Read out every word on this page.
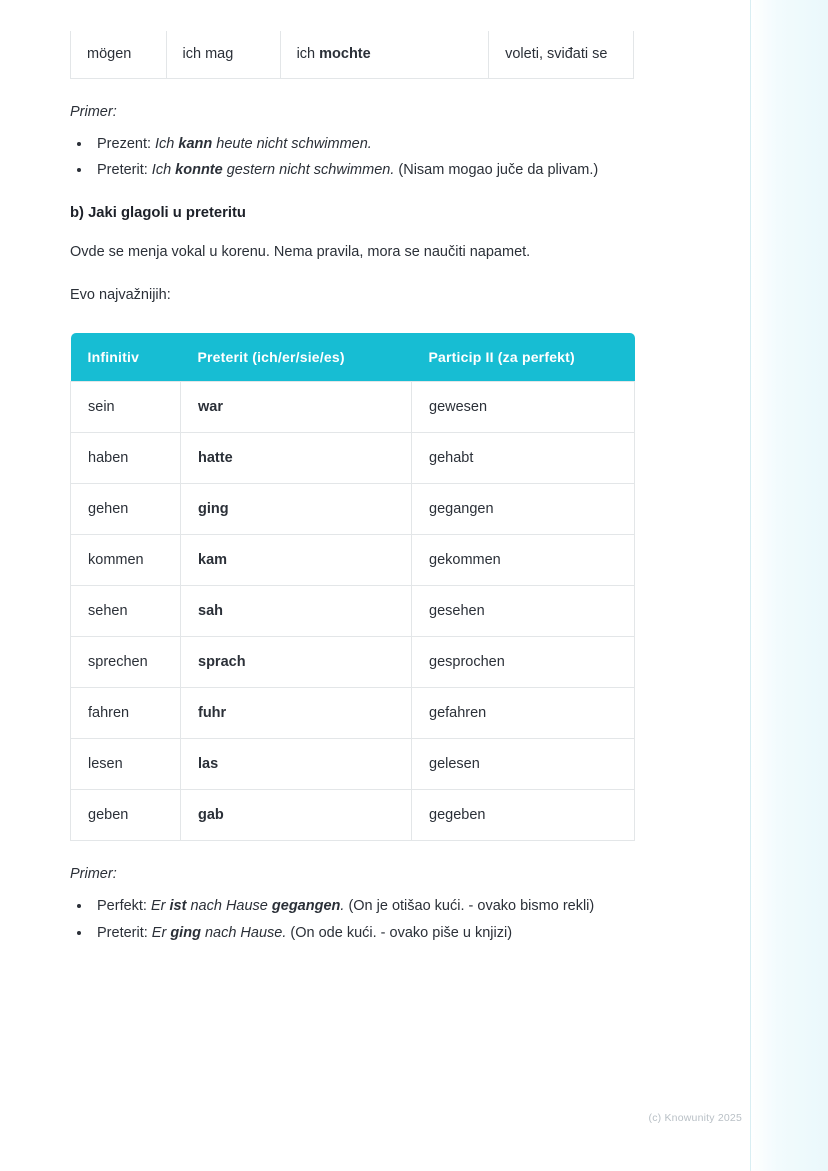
mögen	ich mag	ich mochte	voleti, sviđati se

Primer:

• Prezent: Ich kann heute nicht schwimmen.
• Preterit: Ich konnte gestern nicht schwimmen. (Nisam mogao juče da plivam.)
b) Jaki glagoli u preteritu

Ovde se menja vokal u korenu. Nema pravila, mora se naučiti napamet.

Evo najvažnijih:

Infinitiv	Preterit (ich/er/sie/es)	Particip II (za perfekt)
sein	war	gewesen
haben	hatte	gehabt
gehen	ging	gegangen
kommen	kam	gekommen
sehen	sah	gesehen
sprechen	sprach	gesprochen
fahren	fuhr	gefahren
lesen	las	gelesen
geben	gab	gegeben

Primer:

• Perfekt: Er ist nach Hause gegangen. (On je otišao kući. - ovako bismo rekli)
• Preterit: Er ging nach Hause. (On ode kući. - ovako piše u knjizi)
(c) Knowunity 2025
